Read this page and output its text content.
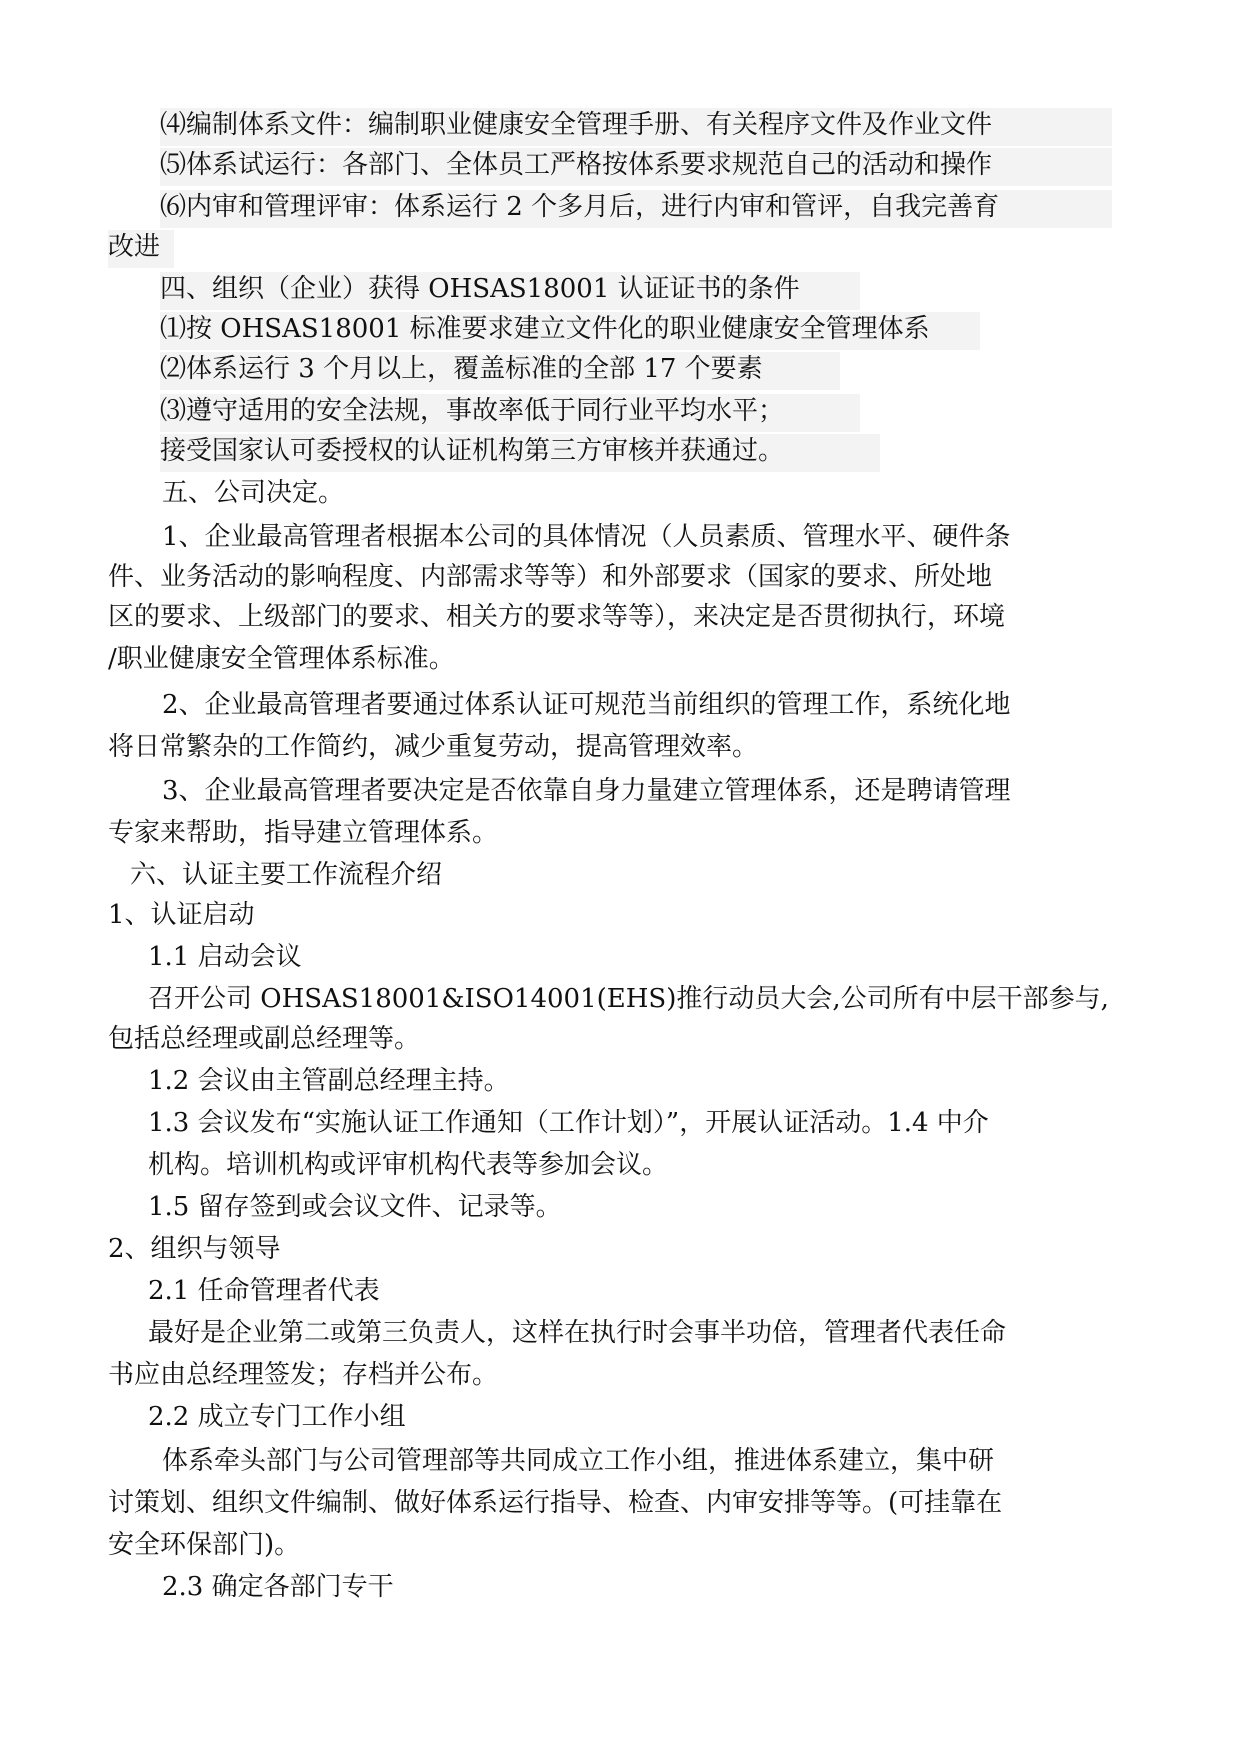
⑷编制体系文件：编制职业健康安全管理手册、有关程序文件及作业文件
⑸体系试运行：各部门、全体员工严格按体系要求规范自己的活动和操作
⑹内审和管理评审：体系运行 2 个多月后，进行内审和管评，自我完善育
改进
四、组织（企业）获得 OHSAS18001 认证证书的条件
⑴按 OHSAS18001 标准要求建立文件化的职业健康安全管理体系
⑵体系运行 3 个月以上，覆盖标准的全部 17 个要素
⑶遵守适用的安全法规，事故率低于同行业平均水平；
接受国家认可委授权的认证机构第三方审核并获通过。
五、公司决定。
1、企业最高管理者根据本公司的具体情况（人员素质、管理水平、硬件条
件、业务活动的影响程度、内部需求等等）和外部要求（国家的要求、所处地
区的要求、上级部门的要求、相关方的要求等等），来决定是否贯彻执行，环境
/职业健康安全管理体系标准。
2、企业最高管理者要通过体系认证可规范当前组织的管理工作，系统化地
将日常繁杂的工作简约，减少重复劳动，提高管理效率。
3、企业最高管理者要决定是否依靠自身力量建立管理体系，还是聘请管理
专家来帮助，指导建立管理体系。
六、认证主要工作流程介绍
1、认证启动
1.1 启动会议
召开公司 OHSAS18001&ISO14001(EHS)推行动员大会,公司所有中层干部参与,
包括总经理或副总经理等。
1.2 会议由主管副总经理主持。
1.3 会议发布“实施认证工作通知（工作计划）”，开展认证活动。1.4 中介
机构。培训机构或评审机构代表等参加会议。
1.5 留存签到或会议文件、记录等。
2、组织与领导
2.1 任命管理者代表
最好是企业第二或第三负责人，这样在执行时会事半功倍，管理者代表任命
书应由总经理签发；存档并公布。
2.2 成立专门工作小组
体系牵头部门与公司管理部等共同成立工作小组，推进体系建立，集中研
讨策划、组织文件编制、做好体系运行指导、检查、内审安排等等。(可挂靠在
安全环保部门)。
2.3 确定各部门专干
